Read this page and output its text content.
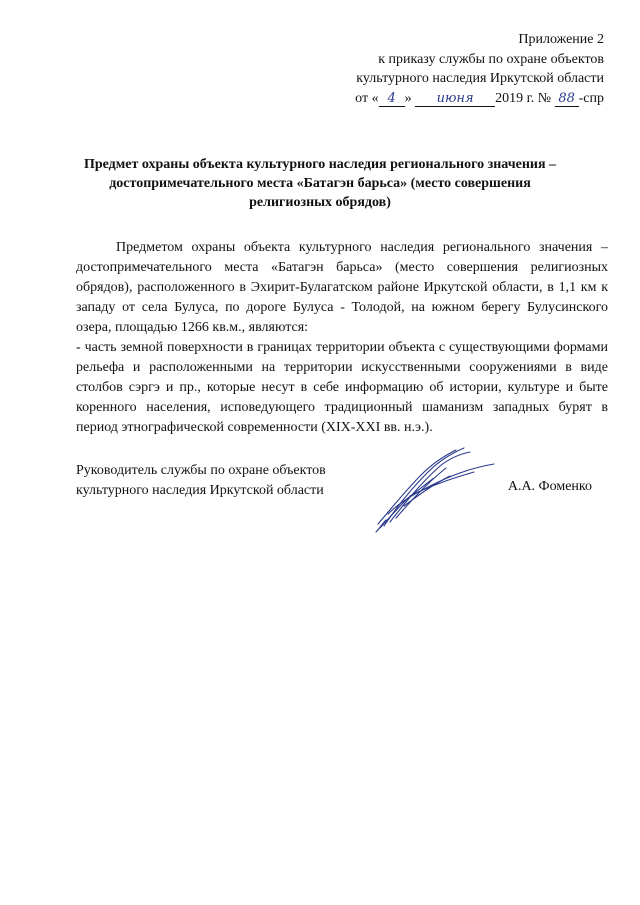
Приложение 2
к приказу службы по охране объектов
культурного наследия Иркутской области
от « 4 » июня 2019 г. № 88 -спр
Предмет охраны объекта культурного наследия регионального значения –
достопримечательного места «Батагэн барьса» (место совершения
религиозных обрядов)

Предметом охраны объекта культурного наследия регионального значения – достопримечательного места «Батагэн барьса» (место совершения религиозных обрядов), расположенного в Эхирит-Булагатском районе Иркутской области, в 1,1 км к западу от села Булуса, по дороге Булуса - Толодой, на южном берегу Булусинского озера, площадью 1266 кв.м., являются:

- часть земной поверхности в границах территории объекта с существующими формами рельефа и расположенными на территории искусственными сооружениями в виде столбов сэргэ и пр., которые несут в себе информацию об истории, культуре и быте коренного населения, исповедующего традиционный шаманизм западных бурят в период этнографической современности (XIX-XXI вв. н.э.).

Руководитель службы по охране объектов
культурного наследия Иркутской области	А.А. Фоменко
